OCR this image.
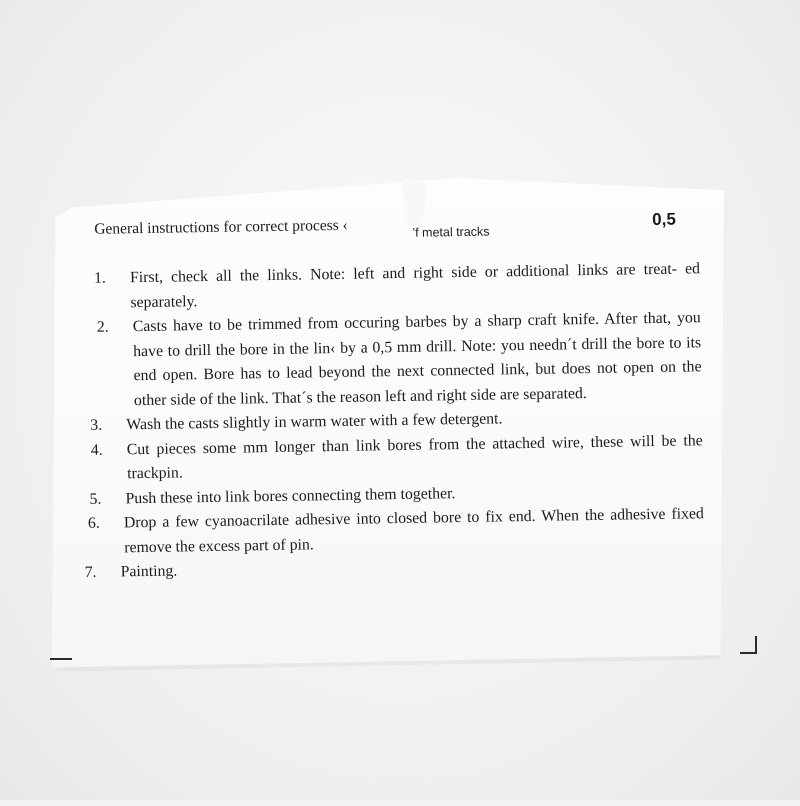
General instructions for correct process ‹	’f metal tracks
0,5
1.	First, check all the links. Note: left and right side or additional links are treat- ed separately.
2.	Casts have to be trimmed from occuring barbes by a sharp craft knife. After that, you have to drill the bore in the lin‹ by a 0,5 mm drill. Note: you needn´t drill the bore to its end open. Bore has to lead beyond the next connected link, but does not open on the other side of the link. That´s the reason left and right side are separated.
3.	Wash the casts slightly in warm water with a few detergent.
4.	Cut pieces some mm longer than link bores from the attached wire, these will be the trackpin.
5.	Push these into link bores connecting them together.
6.	Drop a few cyanoacrilate adhesive into closed bore to fix end. When the adhesive fixed remove the excess part of pin.
7.	Painting.
